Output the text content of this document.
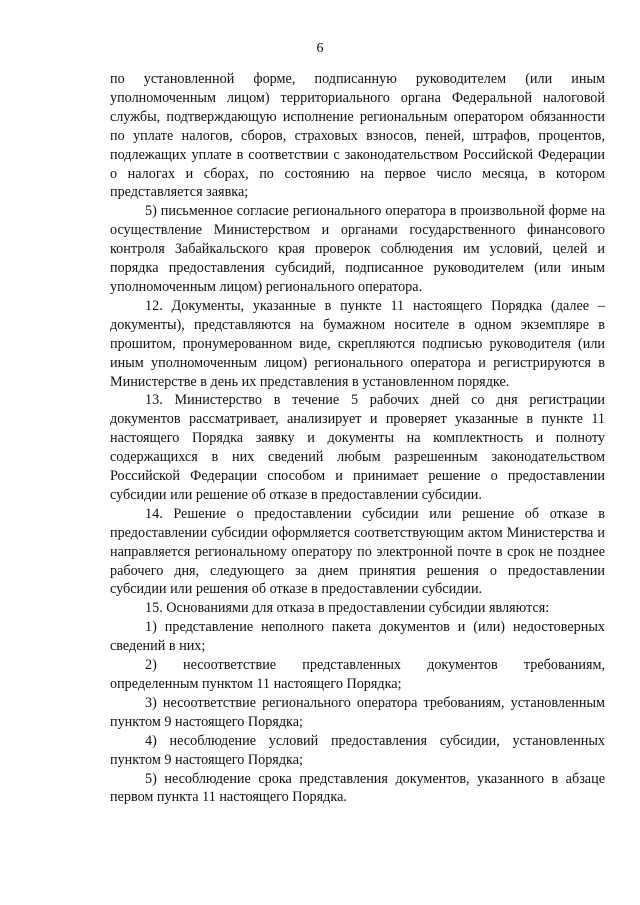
6

по установленной форме, подписанную руководителем (или иным уполномоченным лицом) территориального органа Федеральной налоговой службы, подтверждающую исполнение региональным оператором обязанности по уплате налогов, сборов, страховых взносов, пеней, штрафов, процентов, подлежащих уплате в соответствии с законодательством Российской Федерации о налогах и сборах, по состоянию на первое число месяца, в котором представляется заявка;

5) письменное согласие регионального оператора в произвольной форме на осуществление Министерством и органами государственного финансового контроля Забайкальского края проверок соблюдения им условий, целей и порядка предоставления субсидий, подписанное руководителем (или иным уполномоченным лицом) регионального оператора.

12. Документы, указанные в пункте 11 настоящего Порядка (далее – документы), представляются на бумажном носителе в одном экземпляре в прошитом, пронумерованном виде, скрепляются подписью руководителя (или иным уполномоченным лицом) регионального оператора и регистрируются в Министерстве в день их представления в установленном порядке.

13. Министерство в течение 5 рабочих дней со дня регистрации документов рассматривает, анализирует и проверяет указанные в пункте 11 настоящего Порядка заявку и документы на комплектность и полноту содержащихся в них сведений любым разрешенным законодательством Российской Федерации способом и принимает решение о предоставлении субсидии или решение об отказе в предоставлении субсидии.

14. Решение о предоставлении субсидии или решение об отказе в предоставлении субсидии оформляется соответствующим актом Министерства и направляется региональному оператору по электронной почте в срок не позднее рабочего дня, следующего за днем принятия решения о предоставлении субсидии или решения об отказе в предоставлении субсидии.

15. Основаниями для отказа в предоставлении субсидии являются:

1) представление неполного пакета документов и (или) недостоверных сведений в них;

2) несоответствие представленных документов требованиям, определенным пунктом 11 настоящего Порядка;

3) несоответствие регионального оператора требованиям, установленным пунктом 9 настоящего Порядка;

4) несоблюдение условий предоставления субсидии, установленных пунктом 9 настоящего Порядка;

5) несоблюдение срока представления документов, указанного в абзаце первом пункта 11 настоящего Порядка.
